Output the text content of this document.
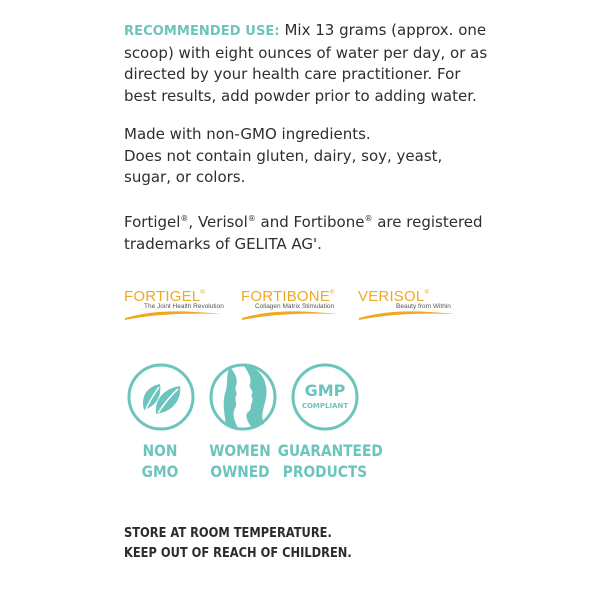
RECOMMENDED USE: Mix 13 grams (approx. one
scoop) with eight ounces of water per day, or as
directed by your health care practitioner. For
best results, add powder prior to adding water.
Made with non-GMO ingredients.
Does not contain gluten, dairy, soy, yeast,
sugar, or colors.
Fortigel®, Verisol® and Fortibone® are registered
trademarks of GELITA AG'.
FORTIGEL®
The Joint Health Revolution
FORTIBONE®
Collagen Matrix Stimulation
VERISOL®
Beauty from Within
GMP
COMPLIANT
NON
GMO
WOMEN
OWNED
GUARANTEED
PRODUCTS
STORE AT ROOM TEMPERATURE.
KEEP OUT OF REACH OF CHILDREN.
